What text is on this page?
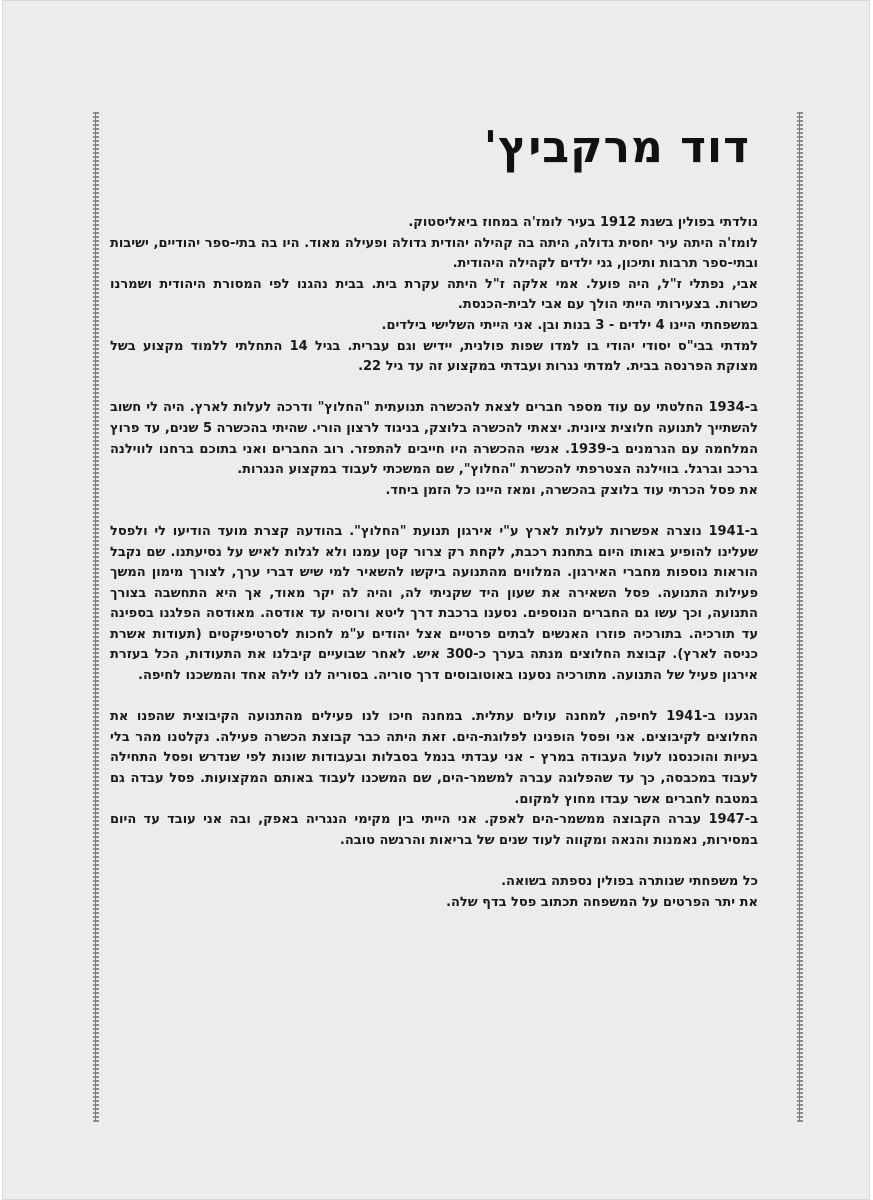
דוד מרקביץ'

נולדתי בפולין בשנת 1912 בעיר לומז'ה במחוז ביאליסטוק.

לומז'ה היתה עיר יחסית גדולה, היתה בה קהילה יהודית גדולה ופעילה מאוד. היו בה בתי-ספר יהודיים, ישיבות ובתי-ספר תרבות ותיכון, גני ילדים לקהילה היהודית.

אבי, נפתלי ז"ל, היה פועל. אמי אלקה ז"ל היתה עקרת בית. בבית נהגנו לפי המסורת היהודית ושמרנו כשרות. בצעירותי הייתי הולך עם אבי לבית-הכנסת.

במשפחתי היינו 4 ילדים - 3 בנות ובן. אני הייתי השלישי בילדים.

למדתי בבי"ס יסודי יהודי בו למדו שפות פולנית, יידיש וגם עברית. בגיל 14 התחלתי ללמוד מקצוע בשל מצוקת הפרנסה בבית. למדתי נגרות ועבדתי במקצוע זה עד גיל 22.

ב-1934 החלטתי עם עוד מספר חברים לצאת להכשרה תנועתית "החלוץ" ודרכה לעלות לארץ. היה לי חשוב להשתייך לתנועה חלוצית ציונית. יצאתי להכשרה בלוצק, בניגוד לרצון הורי. שהיתי בהכשרה 5 שנים, עד פרוץ המלחמה עם הגרמנים ב-1939. אנשי ההכשרה היו חייבים להתפזר. רוב החברים ואני בתוכם ברחנו לווילנה ברכב וברגל. בווילנה הצטרפתי להכשרת "החלוץ", שם המשכתי לעבוד במקצוע הנגרות.

את פסל הכרתי עוד בלוצק בהכשרה, ומאז היינו כל הזמן ביחד.

ב-1941 נוצרה אפשרות לעלות לארץ ע"י אירגון תנועת "החלוץ". בהודעה קצרת מועד הודיעו לי ולפסל שעלינו להופיע באותו היום בתחנת רכבת, לקחת רק צרור קטן עמנו ולא לגלות לאיש על נסיעתנו. שם נקבל הוראות נוספות מחברי האירגון. המלווים מהתנועה ביקשו להשאיר למי שיש דברי ערך, לצורך מימון המשך פעילות התנועה. פסל השאירה את שעון היד שקניתי לה, והיה לה יקר מאוד, אך היא התחשבה בצורך התנועה, וכך עשו גם החברים הנוספים. נסענו ברכבת דרך ליטא ורוסיה עד אודסה. מאודסה הפלגנו בספינה עד תורכיה. בתורכיה פוזרו האנשים לבתים פרטיים אצל יהודים ע"מ לחכות לסרטיפיקטים (תעודות אשרת כניסה לארץ). קבוצת החלוצים מנתה בערך כ-300 איש. לאחר שבועיים קיבלנו את התעודות, הכל בעזרת אירגון פעיל של התנועה. מתורכיה נסענו באוטובוסים דרך סוריה. בסוריה לנו לילה אחד והמשכנו לחיפה.

הגענו ב-1941 לחיפה, למחנה עולים עתלית. במחנה חיכו לנו פעילים מהתנועה הקיבוצית שהפנו את החלוצים לקיבוצים. אני ופסל הופנינו לפלוגת-הים. זאת היתה כבר קבוצת הכשרה פעילה. נקלטנו מהר בלי בעיות והוכנסנו לעול העבודה במרץ - אני עבדתי בנמל בסבלות ובעבודות שונות לפי שנדרש ופסל התחילה לעבוד במכבסה, כך עד שהפלוגה עברה למשמר-הים, שם המשכנו לעבוד באותם המקצועות. פסל עבדה גם במטבח לחברים אשר עבדו מחוץ למקום.

ב-1947 עברה הקבוצה ממשמר-הים לאפק. אני הייתי בין מקימי הנגריה באפק, ובה אני עובד עד היום במסירות, נאמנות והנאה ומקווה לעוד שנים של בריאות והרגשה טובה.

כל משפחתי שנותרה בפולין נספתה בשואה.

את יתר הפרטים על המשפחה תכתוב פסל בדף שלה.
